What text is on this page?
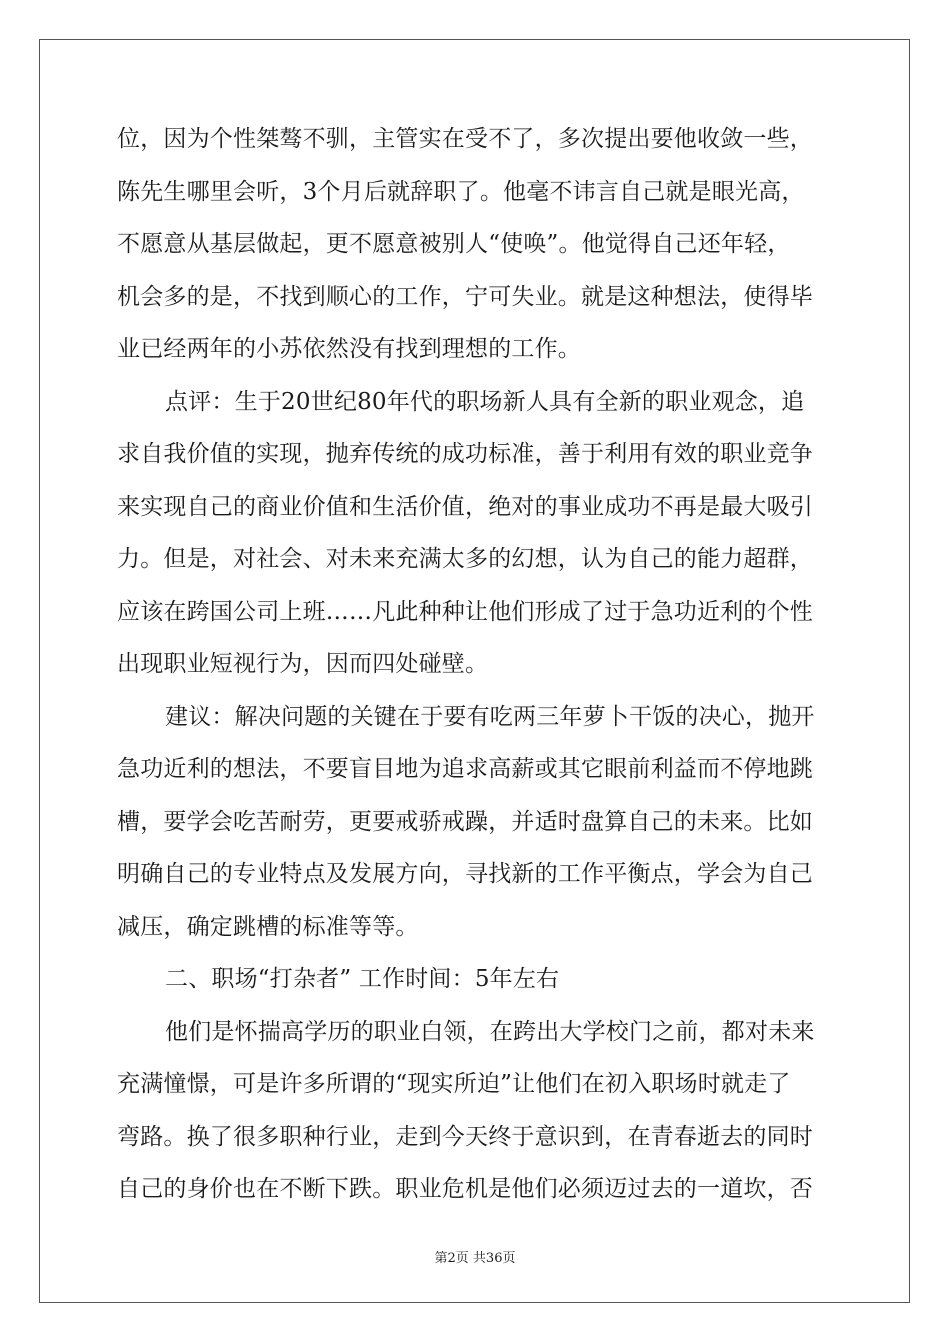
位，因为个性桀骜不驯，主管实在受不了，多次提出要他收敛一些，
陈先生哪里会听，3个月后就辞职了。他毫不讳言自己就是眼光高，
不愿意从基层做起，更不愿意被别人“使唤”。他觉得自己还年轻，
机会多的是，不找到顺心的工作，宁可失业。就是这种想法，使得毕
业已经两年的小苏依然没有找到理想的工作。
点评：生于20世纪80年代的职场新人具有全新的职业观念，追
求自我价值的实现，抛弃传统的成功标准，善于利用有效的职业竞争
来实现自己的商业价值和生活价值，绝对的事业成功不再是最大吸引
力。但是，对社会、对未来充满太多的幻想，认为自己的能力超群，
应该在跨国公司上班……凡此种种让他们形成了过于急功近利的个性
出现职业短视行为，因而四处碰壁。
建议：解决问题的关键在于要有吃两三年萝卜干饭的决心，抛开
急功近利的想法，不要盲目地为追求高薪或其它眼前利益而不停地跳
槽，要学会吃苦耐劳，更要戒骄戒躁，并适时盘算自己的未来。比如
明确自己的专业特点及发展方向，寻找新的工作平衡点，学会为自己
减压，确定跳槽的标准等等。
二、职场“打杂者” 工作时间：5年左右
他们是怀揣高学历的职业白领，在跨出大学校门之前，都对未来
充满憧憬，可是许多所谓的“现实所迫”让他们在初入职场时就走了
弯路。换了很多职种行业，走到今天终于意识到，在青春逝去的同时
自己的身价也在不断下跌。职业危机是他们必须迈过去的一道坎，否
第2页 共36页
